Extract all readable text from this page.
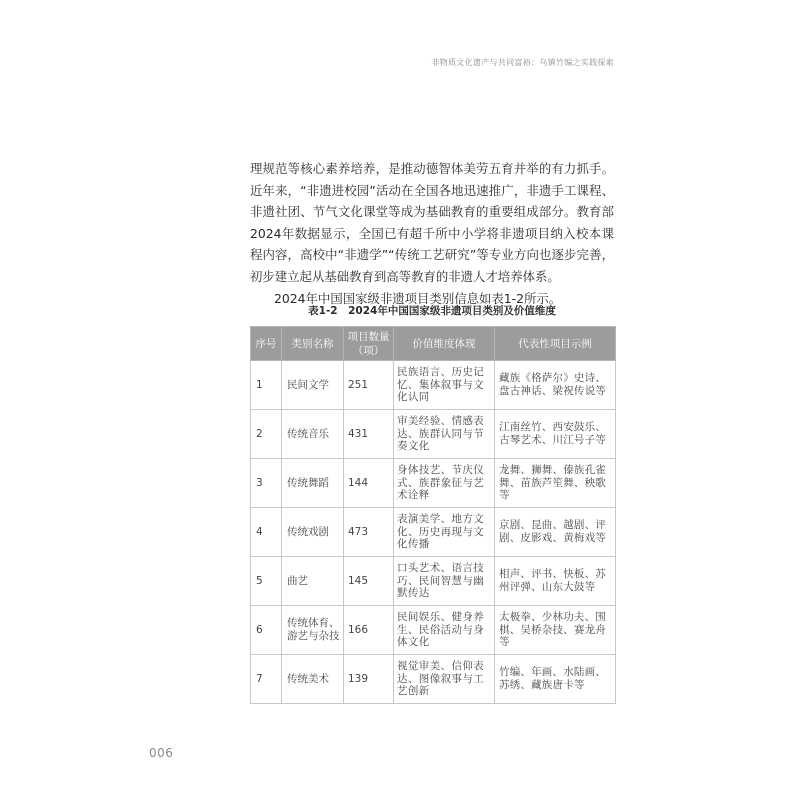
非物质文化遗产与共同富裕：乌镇竹编之实践探索

理规范等核心素养培养，是推动德智体美劳五育并举的有力抓手。近年来，“非遗进校园”活动在全国各地迅速推广，非遗手工课程、非遗社团、节气文化课堂等成为基础教育的重要组成部分。教育部2024年数据显示，全国已有超千所中小学将非遗项目纳入校本课程内容，高校中“非遗学”“传统工艺研究”等专业方向也逐步完善，初步建立起从基础教育到高等教育的非遗人才培养体系。

2024年中国国家级非遗项目类别信息如表1-2所示。

表1-2　2024年中国国家级非遗项目类别及价值维度
序号	类别名称	项目数量（项）	价值维度体现	代表性项目示例
1	民间文学	251	民族语言、历史记忆、集体叙事与文化认同	藏族《格萨尔》史诗、盘古神话、梁祝传说等
2	传统音乐	431	审美经验、情感表达、族群认同与节奏文化	江南丝竹、西安鼓乐、古琴艺术、川江号子等
3	传统舞蹈	144	身体技艺、节庆仪式、族群象征与艺术诠释	龙舞、狮舞、傣族孔雀舞、苗族芦笙舞、秧歌等
4	传统戏剧	473	表演美学、地方文化、历史再现与文化传播	京剧、昆曲、越剧、评剧、皮影戏、黄梅戏等
5	曲艺	145	口头艺术、语言技巧、民间智慧与幽默传达	相声、评书、快板、苏州评弹、山东大鼓等
6	传统体育、游艺与杂技	166	民间娱乐、健身养生、民俗活动与身体文化	太极拳、少林功夫、围棋、吴桥杂技、赛龙舟等
7	传统美术	139	视觉审美、信仰表达、图像叙事与工艺创新	竹编、年画、水陆画、苏绣、藏族唐卡等
006
